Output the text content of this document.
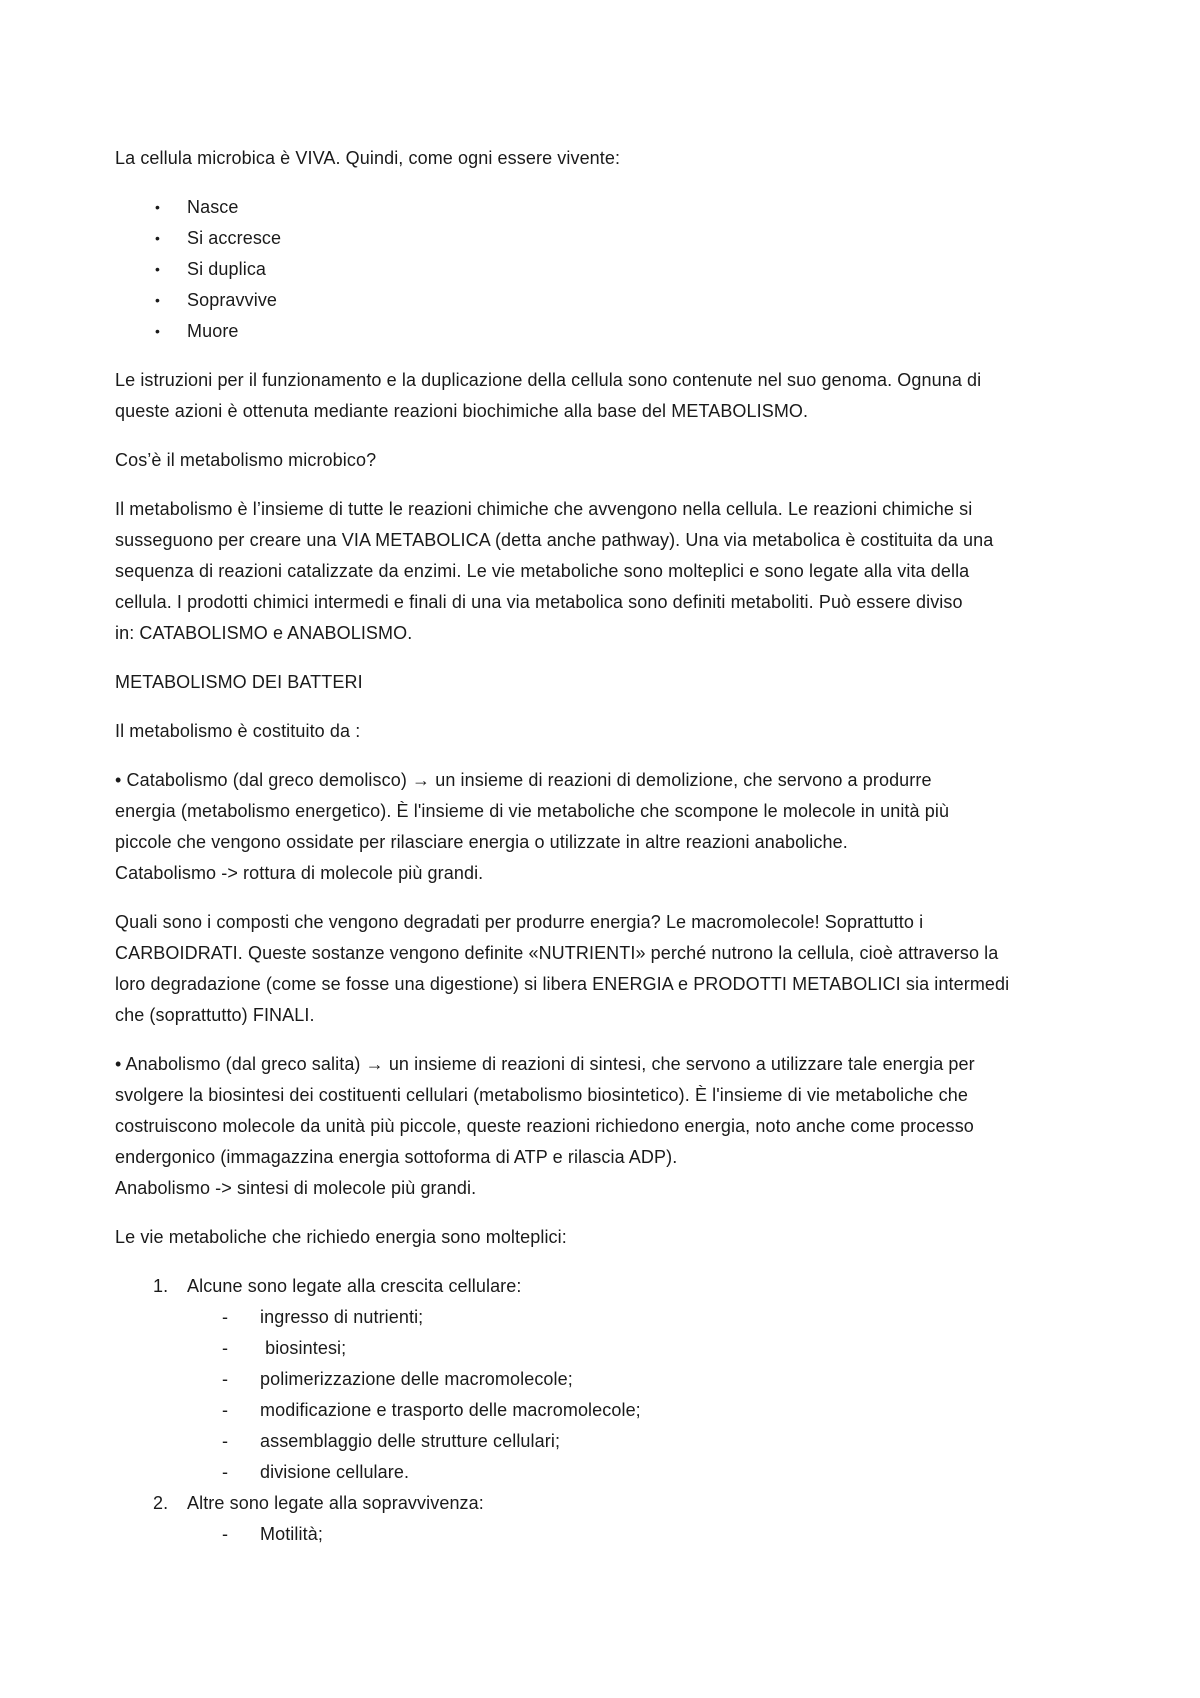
La cellula microbica è VIVA. Quindi, come ogni essere vivente:

• Nasce
• Si accresce
• Si duplica
• Sopravvive
• Muore

Le istruzioni per il funzionamento e la duplicazione della cellula sono contenute nel suo genoma. Ognuna di
queste azioni è ottenuta mediante reazioni biochimiche alla base del METABOLISMO.

Cos’è il metabolismo microbico?

Il metabolismo è l’insieme di tutte le reazioni chimiche che avvengono nella cellula. Le reazioni chimiche si
susseguono per creare una VIA METABOLICA (detta anche pathway). Una via metabolica è costituita da una
sequenza di reazioni catalizzate da enzimi. Le vie metaboliche sono molteplici e sono legate alla vita della
cellula. I prodotti chimici intermedi e finali di una via metabolica sono definiti metaboliti. Può essere diviso
in: CATABOLISMO e ANABOLISMO.

METABOLISMO DEI BATTERI

Il metabolismo è costituito da :

• Catabolismo (dal greco demolisco) → un insieme di reazioni di demolizione, che servono a produrre
energia (metabolismo energetico). È l'insieme di vie metaboliche che scompone le molecole in unità più
piccole che vengono ossidate per rilasciare energia o utilizzate in altre reazioni anaboliche.
Catabolismo -> rottura di molecole più grandi.

Quali sono i composti che vengono degradati per produrre energia? Le macromolecole! Soprattutto i
CARBOIDRATI. Queste sostanze vengono definite «NUTRIENTI» perché nutrono la cellula, cioè attraverso la
loro degradazione (come se fosse una digestione) si libera ENERGIA e PRODOTTI METABOLICI sia intermedi
che (soprattutto) FINALI.

• Anabolismo (dal greco salita) → un insieme di reazioni di sintesi, che servono a utilizzare tale energia per
svolgere la biosintesi dei costituenti cellulari (metabolismo biosintetico). È l'insieme di vie metaboliche che
costruiscono molecole da unità più piccole, queste reazioni richiedono energia, noto anche come processo
endergonico (immagazzina energia sottoforma di ATP e rilascia ADP).
Anabolismo -> sintesi di molecole più grandi.

Le vie metaboliche che richiedo energia sono molteplici:

1. Alcune sono legate alla crescita cellulare:
- ingresso di nutrienti;
- biosintesi;
- polimerizzazione delle macromolecole;
- modificazione e trasporto delle macromolecole;
- assemblaggio delle strutture cellulari;
- divisione cellulare.
2. Altre sono legate alla sopravvivenza:
- Motilità;
